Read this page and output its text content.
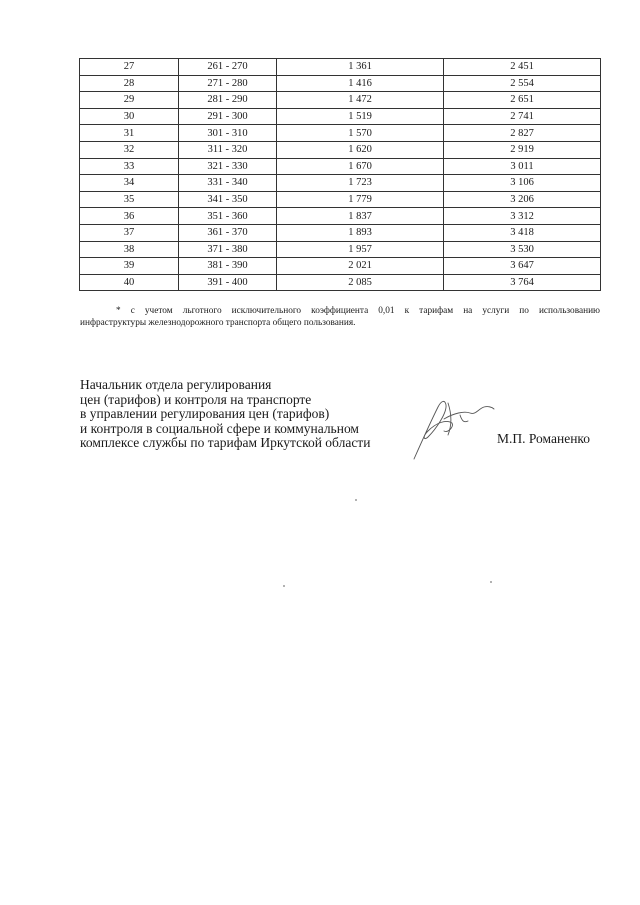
27	261 - 270	1 361	2 451
28	271 - 280	1 416	2 554
29	281 - 290	1 472	2 651
30	291 - 300	1 519	2 741
31	301 - 310	1 570	2 827
32	311 - 320	1 620	2 919
33	321 - 330	1 670	3 011
34	331 - 340	1 723	3 106
35	341 - 350	1 779	3 206
36	351 - 360	1 837	3 312
37	361 - 370	1 893	3 418
38	371 - 380	1 957	3 530
39	381 - 390	2 021	3 647
40	391 - 400	2 085	3 764

* с учетом льготного исключительного коэффициента 0,01 к тарифам на услуги по использованию
инфраструктуры железнодорожного транспорта общего пользования.

Начальник отдела регулирования
цен (тарифов) и контроля на транспорте
в управлении регулирования цен (тарифов)
и контроля в социальной сфере и коммунальном
комплексе службы по тарифам Иркутской области	М.П. Романенко
